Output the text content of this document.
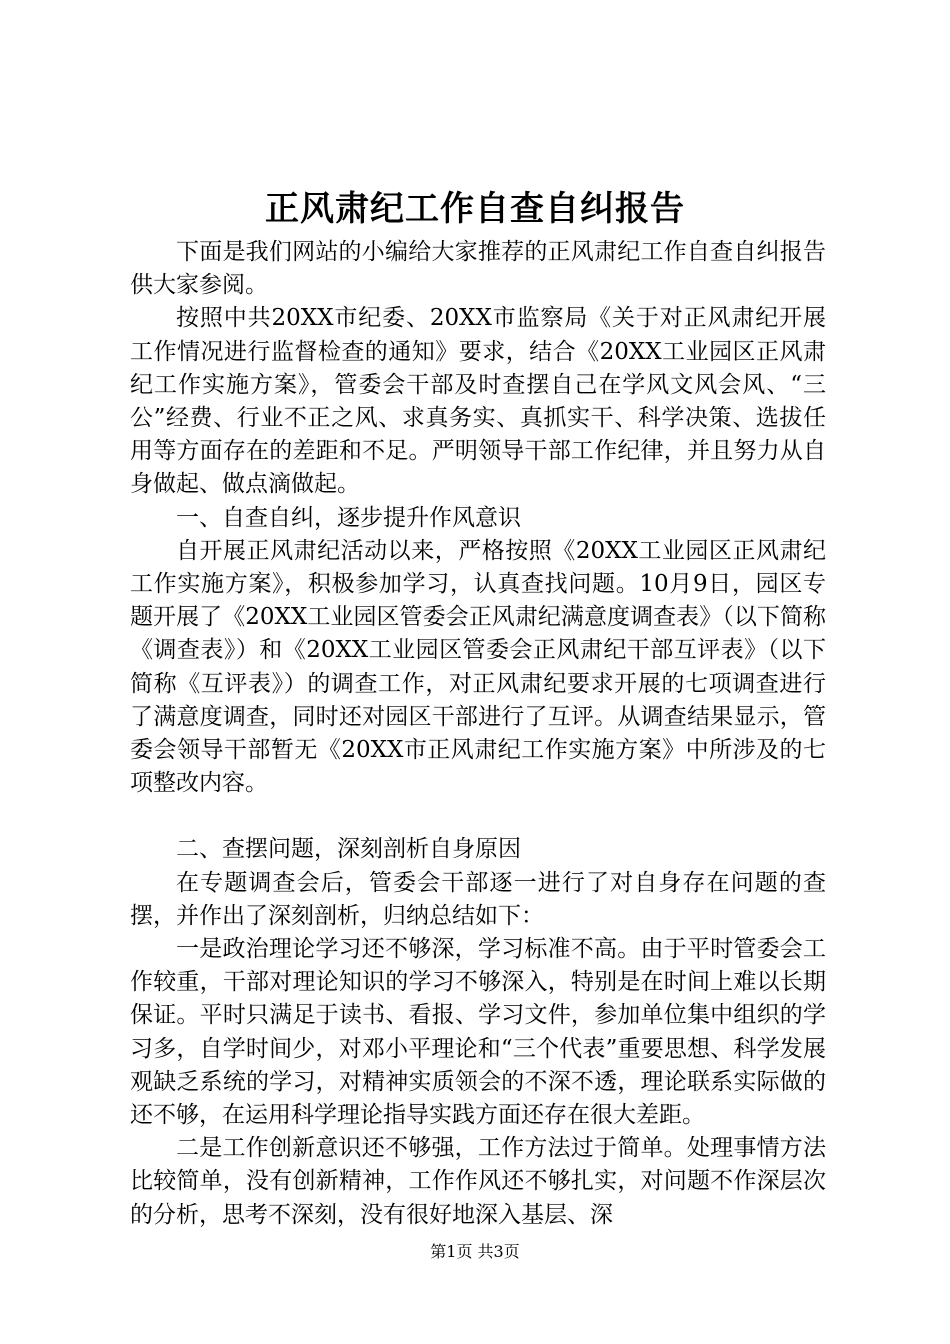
正风肃纪工作自查自纠报告

下面是我们网站的小编给大家推荐的正风肃纪工作自查自纠报告供大家参阅。

按照中共20XX市纪委、20XX市监察局《关于对正风肃纪开展工作情况进行监督检查的通知》要求，结合《20XX工业园区正风肃纪工作实施方案》，管委会干部及时查摆自己在学风文风会风、“三公”经费、行业不正之风、求真务实、真抓实干、科学决策、选拔任用等方面存在的差距和不足。严明领导干部工作纪律，并且努力从自身做起、做点滴做起。

一、自查自纠，逐步提升作风意识

自开展正风肃纪活动以来，严格按照《20XX工业园区正风肃纪工作实施方案》，积极参加学习，认真查找问题。10月9日，园区专题开展了《20XX工业园区管委会正风肃纪满意度调查表》（以下简称《调查表》）和《20XX工业园区管委会正风肃纪干部互评表》（以下简称《互评表》）的调查工作，对正风肃纪要求开展的七项调查进行了满意度调查，同时还对园区干部进行了互评。从调查结果显示，管委会领导干部暂无《20XX市正风肃纪工作实施方案》中所涉及的七项整改内容。

二、查摆问题，深刻剖析自身原因

在专题调查会后，管委会干部逐一进行了对自身存在问题的查摆，并作出了深刻剖析，归纳总结如下：

一是政治理论学习还不够深，学习标准不高。由于平时管委会工作较重，干部对理论知识的学习不够深入，特别是在时间上难以长期保证。平时只满足于读书、看报、学习文件，参加单位集中组织的学习多，自学时间少，对邓小平理论和“三个代表”重要思想、科学发展观缺乏系统的学习，对精神实质领会的不深不透，理论联系实际做的还不够，在运用科学理论指导实践方面还存在很大差距。

二是工作创新意识还不够强，工作方法过于简单。处理事情方法比较简单，没有创新精神，工作作风还不够扎实，对问题不作深层次的分析，思考不深刻，没有很好地深入基层、深

第1页 共3页
